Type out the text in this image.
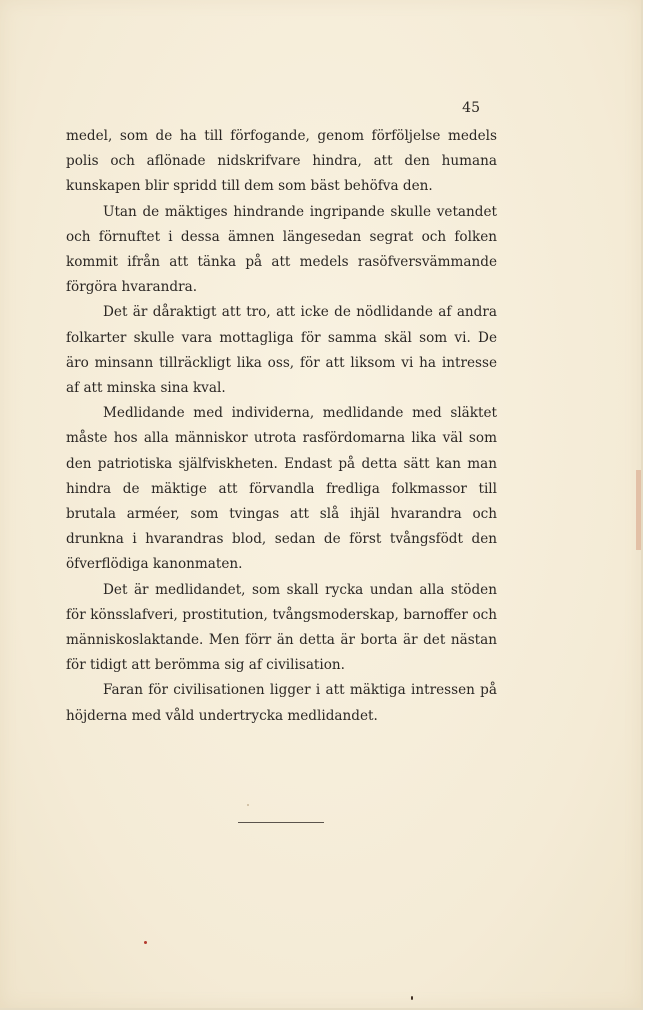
45

medel, som de ha till förfogande, genom förföljelse medels polis och aflönade nidskrifvare hindra, att den humana kunskapen blir spridd till dem som bäst behöfva den.

Utan de mäktiges hindrande ingripande skulle vetandet och förnuftet i dessa ämnen längesedan segrat och folken kommit ifrån att tänka på att medels rasöfversvämmande förgöra hvarandra.

Det är dåraktigt att tro, att icke de nödlidande af andra folkarter skulle vara mottagliga för samma skäl som vi. De äro minsann tillräckligt lika oss, för att liksom vi ha intresse af att minska sina kval.

Medlidande med individerna, medlidande med släktet måste hos alla människor utrota rasfördomarna lika väl som den patriotiska själfviskheten. Endast på detta sätt kan man hindra de mäktige att förvandla fredliga folkmassor till brutala arméer, som tvingas att slå ihjäl hvarandra och drunkna i hvarandras blod, sedan de först tvångsfödt den öfverflödiga kanonmaten.

Det är medlidandet, som skall rycka undan alla stöden för könsslafveri, prostitution, tvångsmoderskap, barnoffer och människoslaktande. Men förr än detta är borta är det nästan för tidigt att berömma sig af civilisation.

Faran för civilisationen ligger i att mäktiga intressen på höjderna med våld undertrycka medlidandet.
